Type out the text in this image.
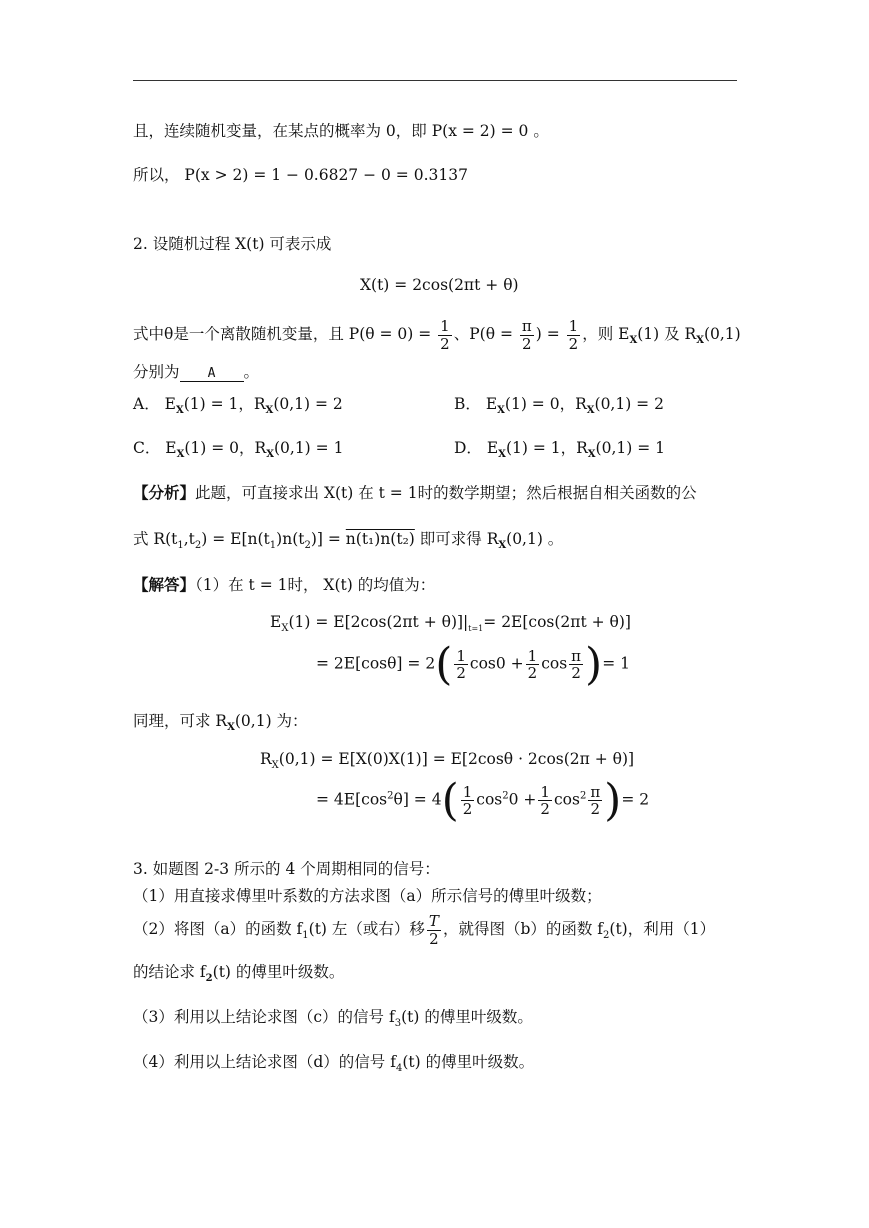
且，连续随机变量，在某点的概率为 0，即 P(x = 2) = 0 。
所以， P(x > 2) = 1 − 0.6827 − 0 = 0.3137
2. 设随机过程 X(t) 可表示成
X(t) = 2cos(2πt + θ)
式中θ是一个离散随机变量，且 $P(\theta = 0) = \frac{1}{2}$ 、$P(\theta = \frac{\pi}{2}$ ) = $\frac{1}{2}$ ，则 $E_X(1)$ 及 $R_X(0,1)$
分别为 A 。
A． $E_X(1) = 1$，$R_X(0,1) = 2$	B． $E_X(1) = 0$，$R_X(0,1) = 2$
C． $E_X(1) = 0$，$R_X(0,1) = 1$	D． $E_X(1) = 1$，$R_X(0,1) = 1$
【分析】此题，可直接求出 X(t) 在 t = 1时的数学期望；然后根据自相关函数的公
式 $R(t_1,t_2) = E[n(t_1)n(t_2)] = n(t_1)n(t_2)$ 即可求得 $R_X(0,1)$ 。
【解答】（1）在 t = 1时， X(t) 的均值为：
$E_X(1) = E[2\cos(2\pi t + \theta)]|_{t=1}= 2E[\cos(2\pi t + \theta)]$
= $2E[\cos\theta] = 2( \frac{1}{2} \cos 0 + \frac{1}{2}$ $\cos \frac{\pi}{2}$ )= 1
同理，可求 $R_X(0,1)$ 为：
$R_X(0,1) = E[X(0)X(1)] = E[2\cos\theta \cdot 2\cos(2\pi + \theta)]$
= $4E[\cos^2\theta] = 4( \frac{1}{2} \cos^20 + \frac{1}{2} \cos^2 \frac{\pi}{2}$ )= 2
3. 如题图 2-3 所示的 4 个周期相同的信号：
（1）用直接求傅里叶系数的方法求图（a）所示信号的傅里叶级数；
（2）将图（a）的函数 $f_1(t)$ 左（或右）移 $\frac{T}{2}$ ，就得图（b）的函数 $f_2(t)$，利用（1）
的结论求 $f_2(t)$ 的傅里叶级数。
（3）利用以上结论求图（c）的信号 $f_3(t)$ 的傅里叶级数。
（4）利用以上结论求图（d）的信号 $f_4(t)$ 的傅里叶级数。
